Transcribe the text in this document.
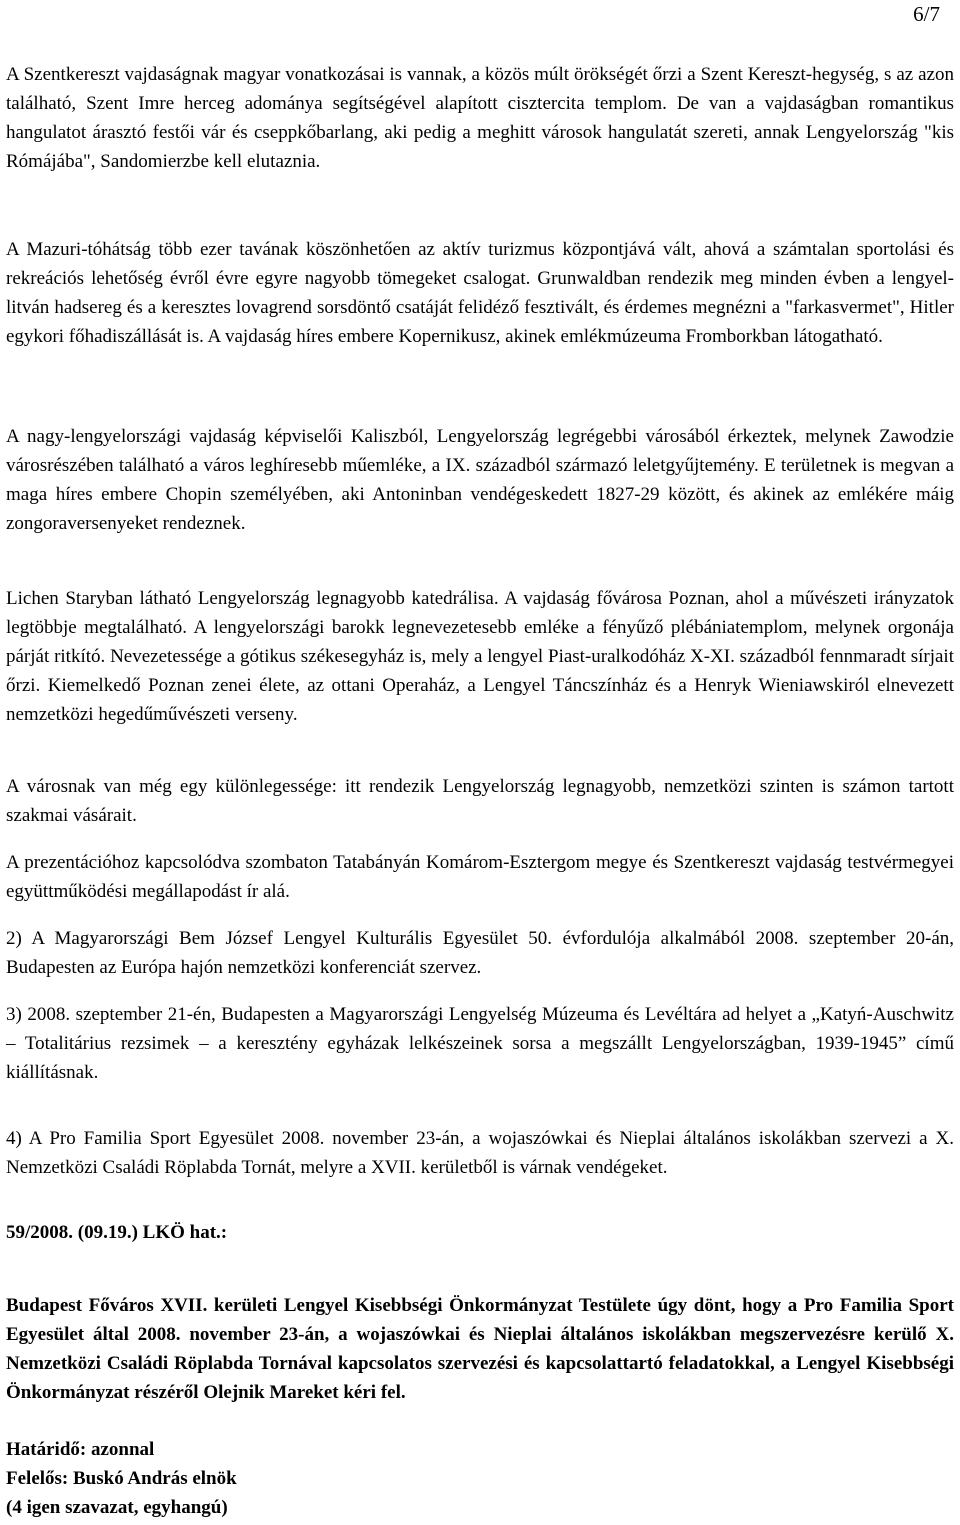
6/7

A Szentkereszt vajdaságnak magyar vonatkozásai is vannak, a közös múlt örökségét őrzi a Szent Kereszt-hegység, s az azon található, Szent Imre herceg adománya segítségével alapított cisztercita templom. De van a vajdaságban romantikus hangulatot árasztó festői vár és cseppkőbarlang, aki pedig a meghitt városok hangulatát szereti, annak Lengyelország "kis Rómájába", Sandomierzbe kell elutaznia.

A Mazuri-tóhátság több ezer tavának köszönhetően az aktív turizmus központjává vált, ahová a számtalan sportolási és rekreációs lehetőség évről évre egyre nagyobb tömegeket csalogat. Grunwaldban rendezik meg minden évben a lengyel-litván hadsereg és a keresztes lovagrend sorsdöntő csatáját felidéző fesztivált, és érdemes megnézni a "farkasvermet", Hitler egykori főhadiszállását is. A vajdaság híres embere Kopernikusz, akinek emlékmúzeuma Fromborkban látogatható.

A nagy-lengyelországi vajdaság képviselői Kaliszból, Lengyelország legrégebbi városából érkeztek, melynek Zawodzie városrészében található a város leghíresebb műemléke, a IX. századból származó leletgyűjtemény. E területnek is megvan a maga híres embere Chopin személyében, aki Antoninban vendégeskedett 1827-29 között, és akinek az emlékére máig zongoraversenyeket rendeznek.

Lichen Staryban látható Lengyelország legnagyobb katedrálisa. A vajdaság fővárosa Poznan, ahol a művészeti irányzatok legtöbbje megtalálható. A lengyelországi barokk legnevezetesebb emléke a fényűző plébániatemplom, melynek orgonája párját ritkító. Nevezetessége a gótikus székesegyház is, mely a lengyel Piast-uralkodóház X-XI. századból fennmaradt sírjait őrzi. Kiemelkedő Poznan zenei élete, az ottani Operaház, a Lengyel Táncszínház és a Henryk Wieniawskiról elnevezett nemzetközi hegedűművészeti verseny.

A városnak van még egy különlegessége: itt rendezik Lengyelország legnagyobb, nemzetközi szinten is számon tartott szakmai vásárait.

A prezentációhoz kapcsolódva szombaton Tatabányán Komárom-Esztergom megye és Szentkereszt vajdaság testvérmegyei együttműködési megállapodást ír alá.

2) A Magyarországi Bem József Lengyel Kulturális Egyesület 50. évfordulója alkalmából 2008. szeptember 20-án, Budapesten az Európa hajón nemzetközi konferenciát szervez.

3) 2008. szeptember 21-én, Budapesten a Magyarországi Lengyelség Múzeuma és Levéltára ad helyet a „Katyń-Auschwitz – Totalitárius rezsimek – a keresztény egyházak lelkészeinek sorsa a megszállt Lengyelországban, 1939-1945” című kiállításnak.

4) A Pro Familia Sport Egyesület 2008. november 23-án, a wojaszówkai és Nieplai általános iskolákban szervezi a X. Nemzetközi Családi Röplabda Tornát, melyre a XVII. kerületből is várnak vendégeket.

59/2008. (09.19.) LKÖ hat.:

Budapest Főváros XVII. kerületi Lengyel Kisebbségi Önkormányzat Testülete úgy dönt, hogy a Pro Familia Sport Egyesület által 2008. november 23-án, a wojaszówkai és Nieplai általános iskolákban megszervezésre kerülő X. Nemzetközi Családi Röplabda Tornával kapcsolatos szervezési és kapcsolattartó feladatokkal, a Lengyel Kisebbségi Önkormányzat részéről Olejnik Mareket kéri fel.

Határidő: azonnal

Felelős: Buskó András elnök

(4 igen szavazat, egyhangú)
